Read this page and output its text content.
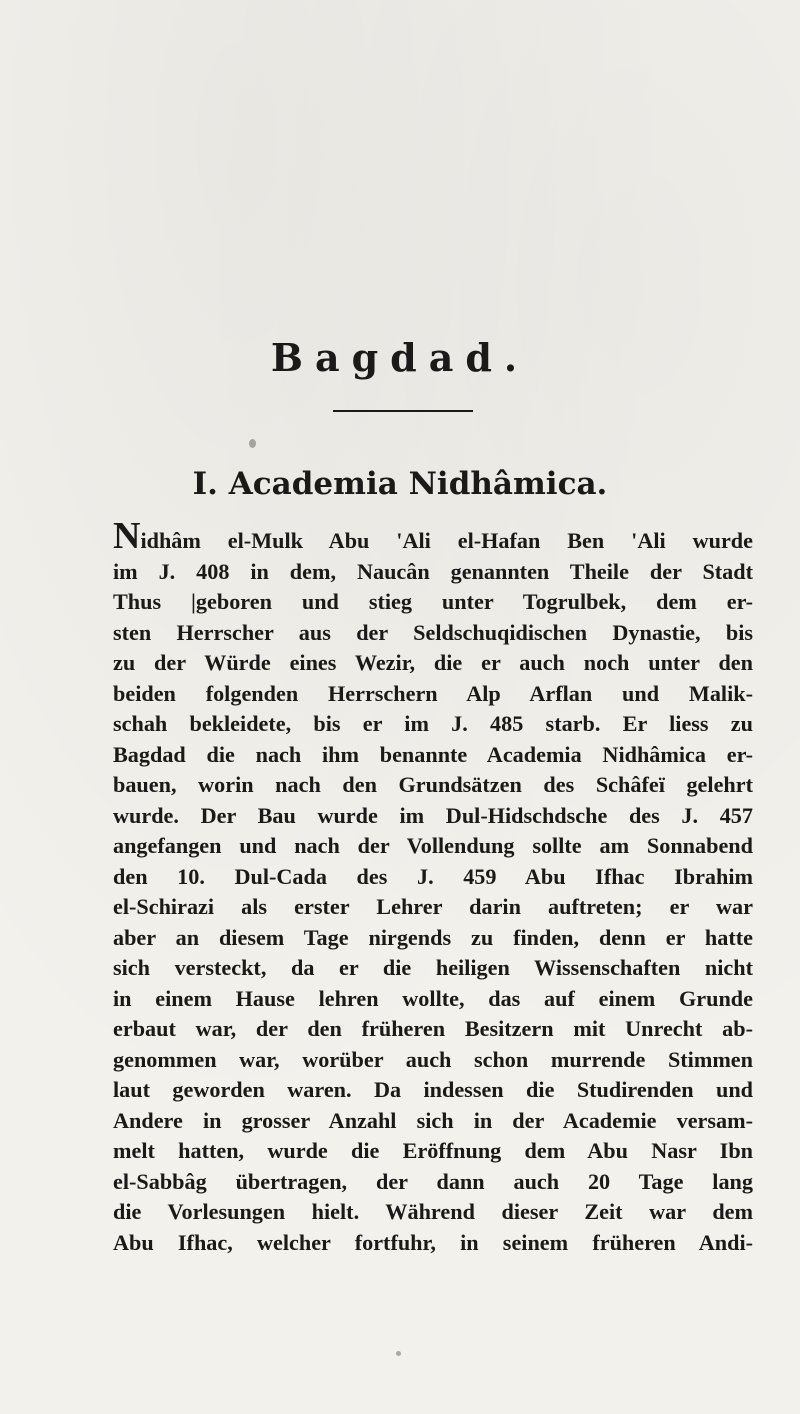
Bagdad.
I. Academia Nidhâmica.
Nidhâm el-Mulk Abu 'Ali el-Hafan Ben 'Ali wurde
im J. 408 in dem, Naucân genannten Theile der Stadt
Thus |geboren und stieg unter Togrulbek, dem er-
sten Herrscher aus der Seldschuqidischen Dynastie, bis
zu der Würde eines Wezir, die er auch noch unter den
beiden folgenden Herrschern Alp Arflan und Malik-
schah bekleidete, bis er im J. 485 starb. Er liess zu
Bagdad die nach ihm benannte Academia Nidhâmica er-
bauen, worin nach den Grundsätzen des Schâfeï gelehrt
wurde. Der Bau wurde im Dul-Hidschdsche des J. 457
angefangen und nach der Vollendung sollte am Sonnabend
den 10. Dul-Cada des J. 459 Abu Ifhac Ibrahim
el-Schirazi als erster Lehrer darin auftreten; er war
aber an diesem Tage nirgends zu finden, denn er hatte
sich versteckt, da er die heiligen Wissenschaften nicht
in einem Hause lehren wollte, das auf einem Grunde
erbaut war, der den früheren Besitzern mit Unrecht ab-
genommen war, worüber auch schon murrende Stimmen
laut geworden waren. Da indessen die Studirenden und
Andere in grosser Anzahl sich in der Academie versam-
melt hatten, wurde die Eröffnung dem Abu Nasr Ibn
el-Sabbâg übertragen, der dann auch 20 Tage lang
die Vorlesungen hielt. Während dieser Zeit war dem
Abu Ifhac, welcher fortfuhr, in seinem früheren Andi-
